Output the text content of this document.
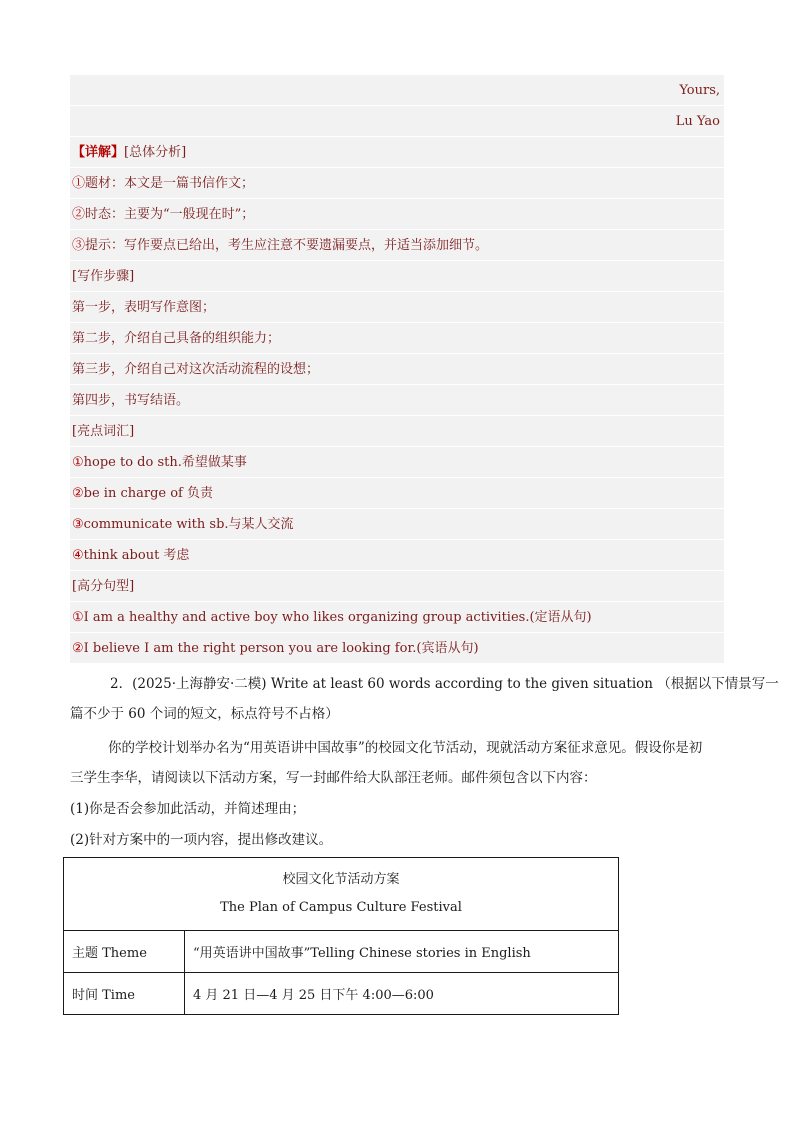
Yours,
Lu Yao
【详解】[总体分析]
①题材：本文是一篇书信作文；
②时态：主要为“一般现在时”；
③提示：写作要点已给出，考生应注意不要遗漏要点，并适当添加细节。
[写作步骤]
第一步，表明写作意图；
第二步，介绍自己具备的组织能力；
第三步，介绍自己对这次活动流程的设想；
第四步，书写结语。
[亮点词汇]
①hope to do sth.希望做某事
②be in charge of 负责
③communicate with sb.与某人交流
④think about 考虑
[高分句型]
①I am a healthy and active boy who likes organizing group activities.(定语从句)
②I believe I am the right person you are looking for.(宾语从句)
2．(2025·上海静安·二模) Write at least 60 words according to the given situation （根据以下情景写一
篇不少于 60 个词的短文，标点符号不占格）
你的学校计划举办名为“用英语讲中国故事”的校园文化节活动，现就活动方案征求意见。假设你是初
三学生李华，请阅读以下活动方案，写一封邮件给大队部汪老师。邮件须包含以下内容：
(1)你是否会参加此活动，并简述理由；
(2)针对方案中的一项内容，提出修改建议。
校园文化节活动方案
The Plan of Campus Culture Festival	

主题 Theme	“用英语讲中国故事”Telling Chinese stories in English
时间 Time	4 月 21 日—4 月 25 日下午 4:00—6:00
